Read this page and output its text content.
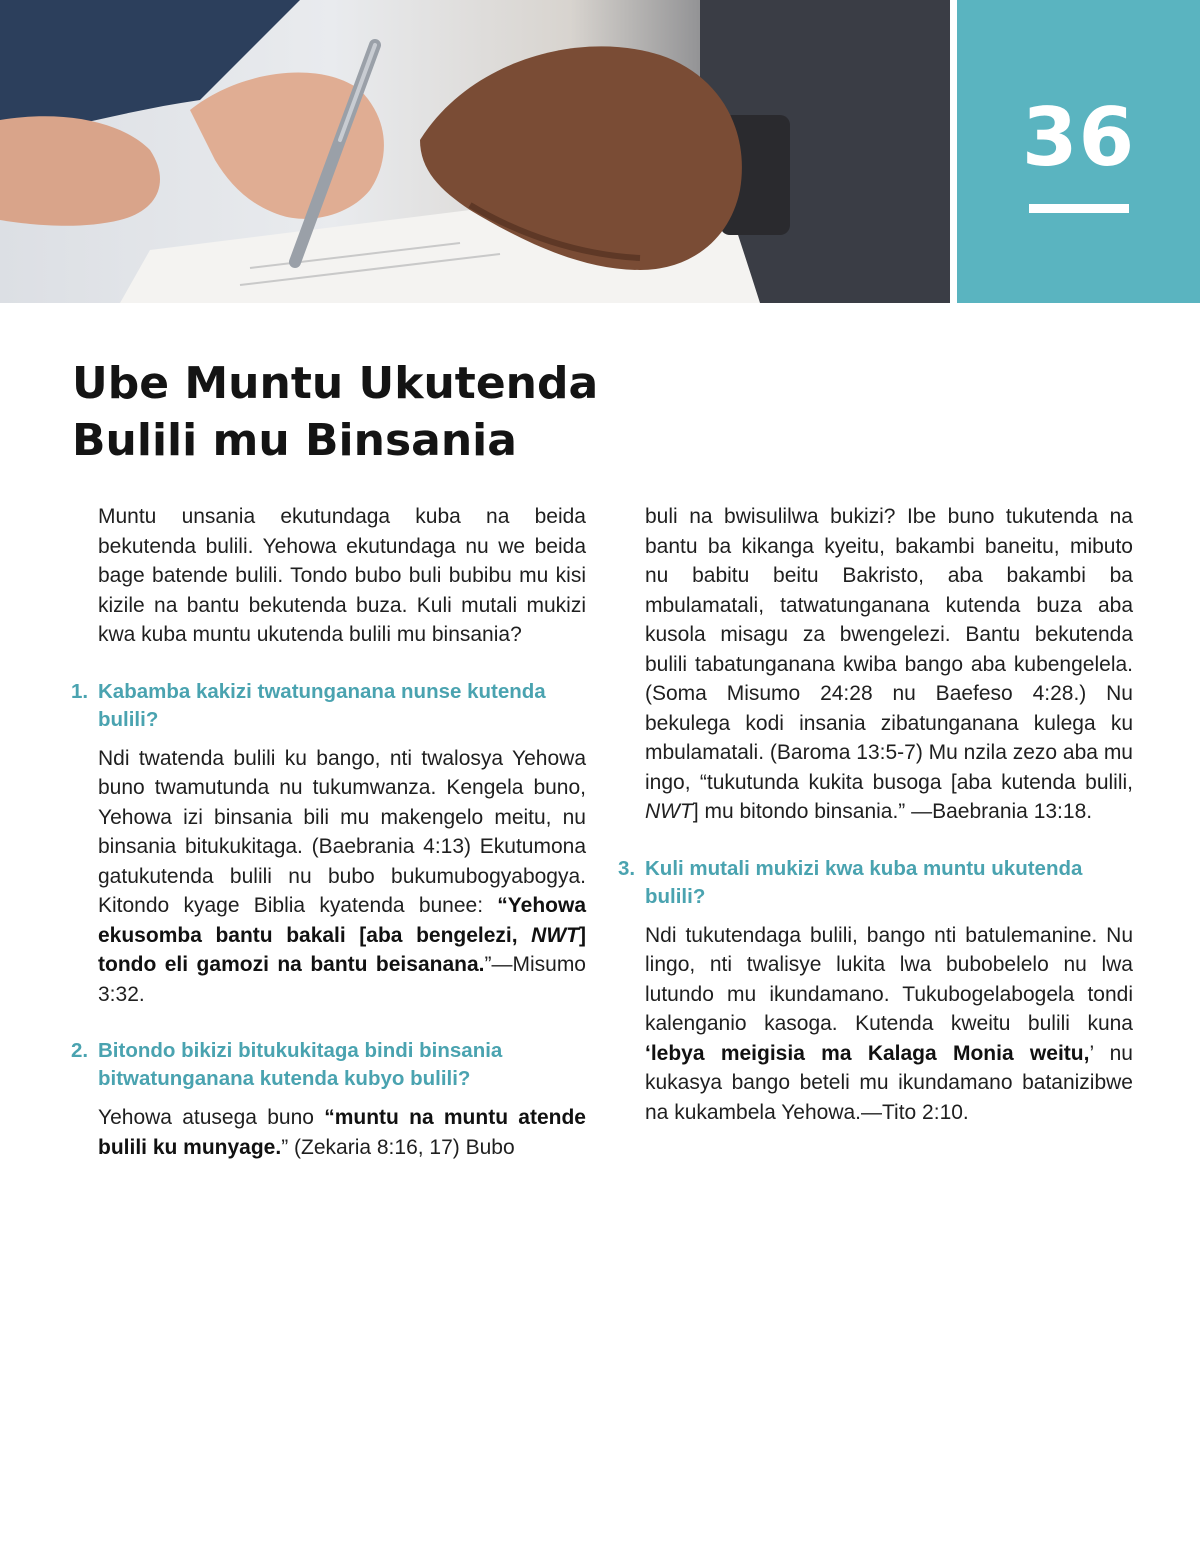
36
Ube Muntu Ukutenda
Bulili mu Binsania

Muntu unsania ekutundaga kuba na beida bekutenda bulili. Yehowa ekutundaga nu we beida bage batende bulili. Tondo bubo buli bubibu mu kisi kizile na bantu bekutenda buza. Kuli mutali mukizi kwa kuba muntu ukutenda bulili mu binsania?

1. Kabamba kakizi twatunganana nunse kutenda bulili?

Ndi twatenda bulili ku bango, nti twalosya Yehowa buno twamutunda nu tukumwanza. Kengela buno, Yehowa izi binsania bili mu makengelo meitu, nu binsania bitukukitaga. (Baebrania 4:13) Ekutumona gatukutenda bulili nu bubo bukumubogyabogya. Kitondo kyage Biblia kyatenda bunee: “Yehowa ekusomba bantu bakali [aba bengelezi, NWT] tondo eli gamozi na bantu beisanana.”—Misumo 3:32.

2. Bitondo bikizi bitukukitaga bindi binsania bitwatunganana kutenda kubyo bulili?

Yehowa atusega buno “muntu na muntu atende bulili ku munyage.” (Zekaria 8:16, 17) Bubo

buli na bwisulilwa bukizi? Ibe buno tukutenda na bantu ba kikanga kyeitu, bakambi baneitu, mibuto nu babitu beitu Bakristo, aba bakambi ba mbulamatali, tatwatunganana kutenda buza aba kusola misagu za bwengelezi. Bantu bekutenda bulili tabatunganana kwiba bango aba kubengelela. (Soma Misumo 24:28 nu Baefeso 4:28.) Nu bekulega kodi insania zibatunganana kulega ku mbulamatali. (Baroma 13:5-7) Mu nzila zezo aba mu ingo, “tukutunda kukita busoga [aba kutenda bulili, NWT] mu bitondo binsania.” —Baebrania 13:18.

3. Kuli mutali mukizi kwa kuba muntu ukutenda bulili?

Ndi tukutendaga bulili, bango nti batulemanine. Nu lingo, nti twalisye lukita lwa bubobelelo nu lwa lutundo mu ikundamano. Tukubogelabogela tondi kalenganio kasoga. Kutenda kweitu bulili kuna ‘lebya meigisia ma Kalaga Monia weitu,’ nu kukasya bango beteli mu ikundamano batanizibwe na kukambela Yehowa.—Tito 2:10.
